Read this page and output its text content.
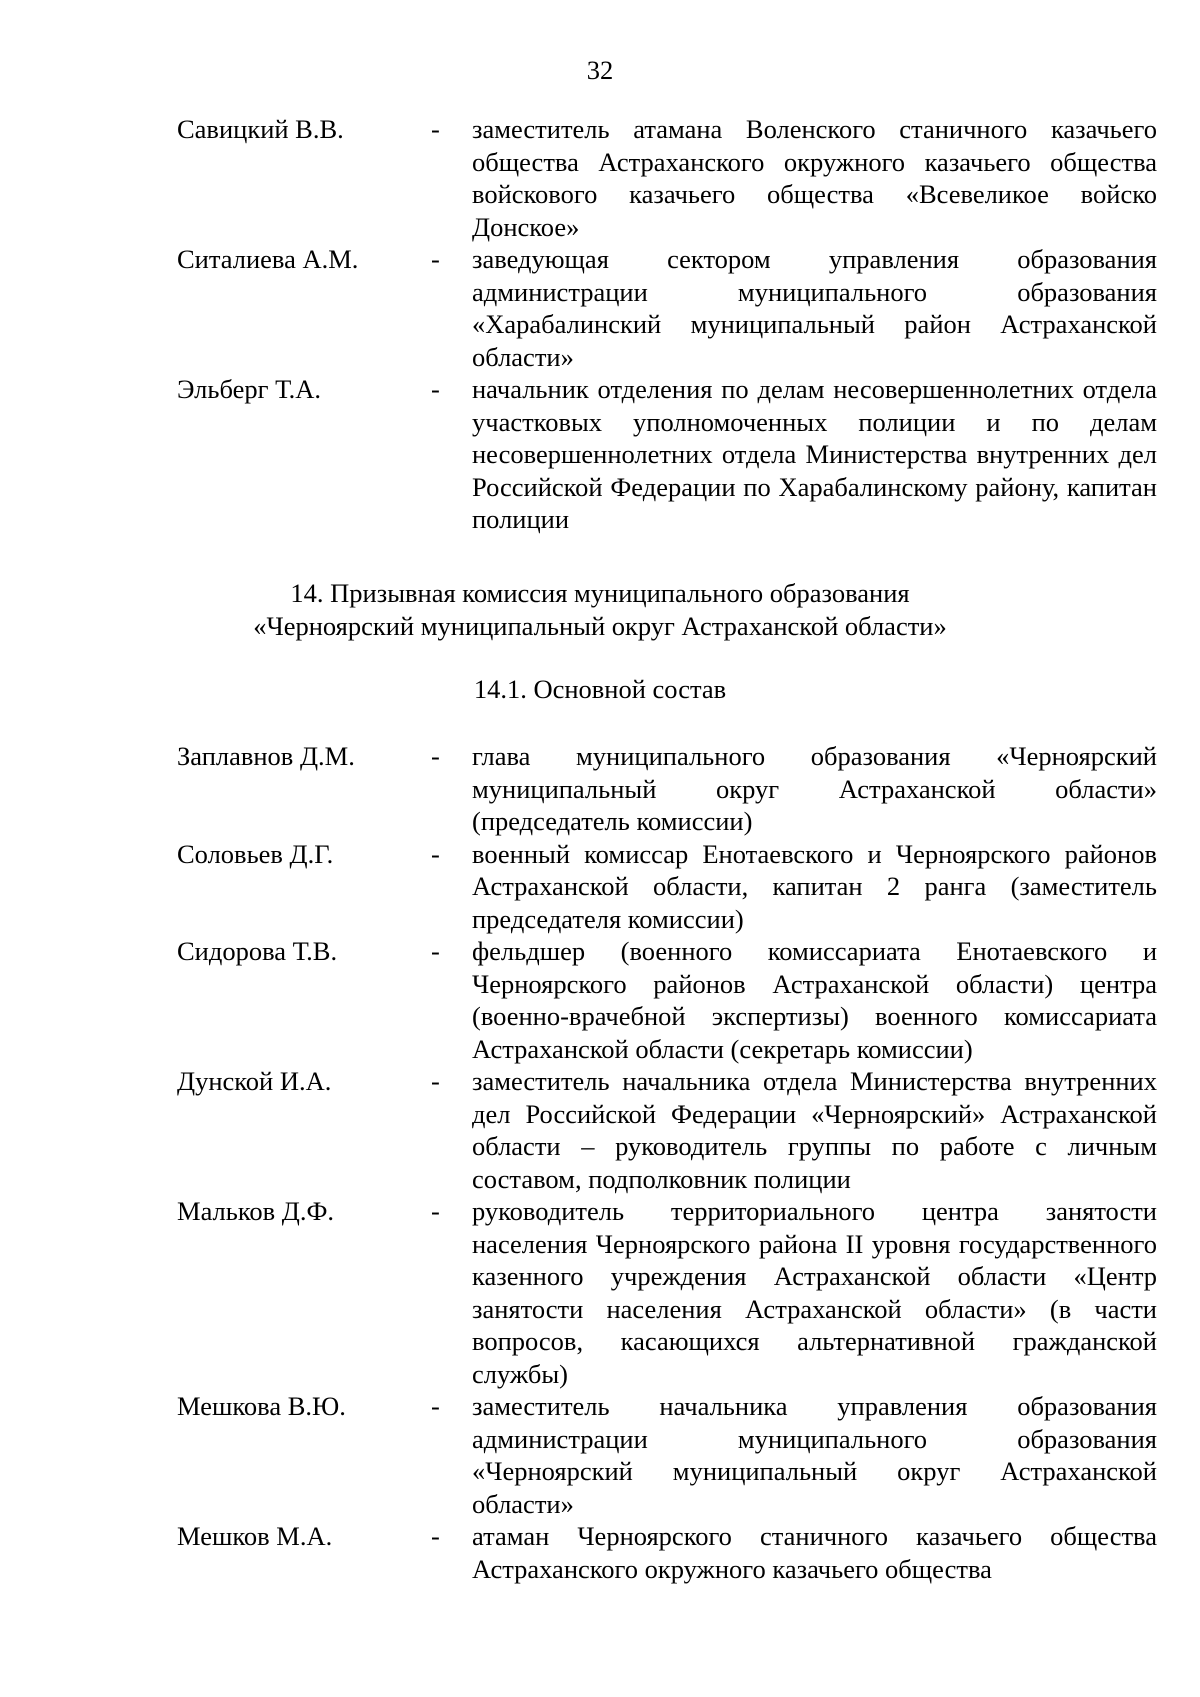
32
Савицкий В.В.	- заместитель атамана Воленского станичного казачьего общества Астраханского окружного казачьего общества войскового казачьего общества «Всевеликое войско Донское»
Ситалиева А.М.	- заведующая сектором управления образования администрации муниципального образования «Харабалинский муниципальный район Астраханской области»
Эльберг Т.А.	- начальник отделения по делам несовершеннолетних отдела участковых уполномоченных полиции и по делам несовершеннолетних отдела Министерства внутренних дел Российской Федерации по Харабалинскому району, капитан полиции
14. Призывная комиссия муниципального образования
«Черноярский муниципальный округ Астраханской области»
14.1. Основной состав
Заплавнов Д.М.	- глава муниципального образования «Черноярский муниципальный округ Астраханской области» (председатель комиссии)
Соловьев Д.Г.	- военный комиссар Енотаевского и Черноярского районов Астраханской области, капитан 2 ранга (заместитель председателя комиссии)
Сидорова Т.В.	- фельдшер (военного комиссариата Енотаевского и Черноярского районов Астраханской области) центра (военно-врачебной экспертизы) военного комиссариата Астраханской области (секретарь комиссии)
Дунской И.А.	- заместитель начальника отдела Министерства внутренних дел Российской Федерации «Черноярский» Астраханской области – руководитель группы по работе с личным составом, подполковник полиции
Мальков Д.Ф.	- руководитель территориального центра занятости населения Черноярского района II уровня государственного казенного учреждения Астраханской области «Центр занятости населения Астраханской области» (в части вопросов, касающихся альтернативной гражданской службы)
Мешкова В.Ю.	- заместитель начальника управления образования администрации муниципального образования «Черноярский муниципальный округ Астраханской области»
Мешков М.А.	- атаман Черноярского станичного казачьего общества Астраханского окружного казачьего общества
